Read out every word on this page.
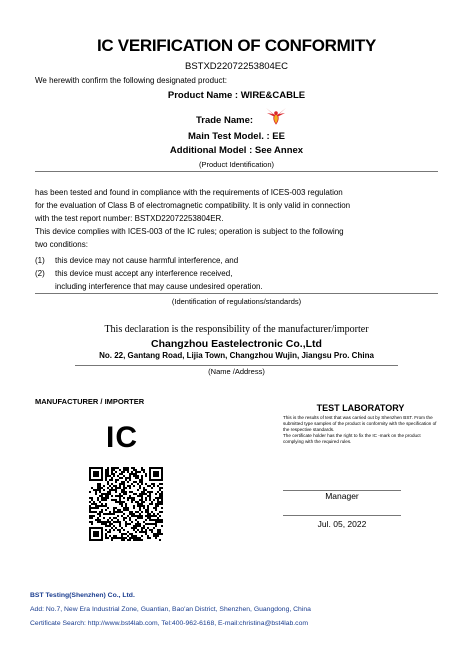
IC VERIFICATION OF CONFORMITY
BSTXD22072253804EC
We herewith confirm the following designated product:
Product Name : WIRE&CABLE
Trade Name:
Main Test Model. : EE
Additional Model : See Annex
(Product Identification)
has been tested and found in compliance with the requirements of ICES-003 regulation
for the evaluation of Class B of electromagnetic compatibility. It is only valid in connection
with the test report number: BSTXD22072253804ER.
This device complies with ICES-003 of the IC rules; operation is subject to the following
two conditions:
(1) this device may not cause harmful interference, and
(2) this device must accept any interference received,
including interference that may cause undesired operation.
(Identification of regulations/standards)
This declaration is the responsibility of the manufacturer/importer
Changzhou Eastelectronic Co.,Ltd
No. 22, Gantang Road, Lijia Town, Changzhou Wujin, Jiangsu Pro. China
(Name /Address)
MANUFACTURER / IMPORTER
IC
TEST LABORATORY
This is the results of test that was carried out by Shenzhen BST. From the submitted type samples of the product is conformity with the specification of the respective standards.
The certificate holder has the right to fix the IC -mark on the product complying with the required rules.
Manager
Jul. 05, 2022
BST Testing(Shenzhen) Co., Ltd.
Add: No.7, New Era Industrial Zone, Guantian, Bao'an District, Shenzhen, Guangdong, China
Certificate Search: http://www.bst4lab.com, Tel:400-962-6168, E-mail:christina@bst4lab.com
